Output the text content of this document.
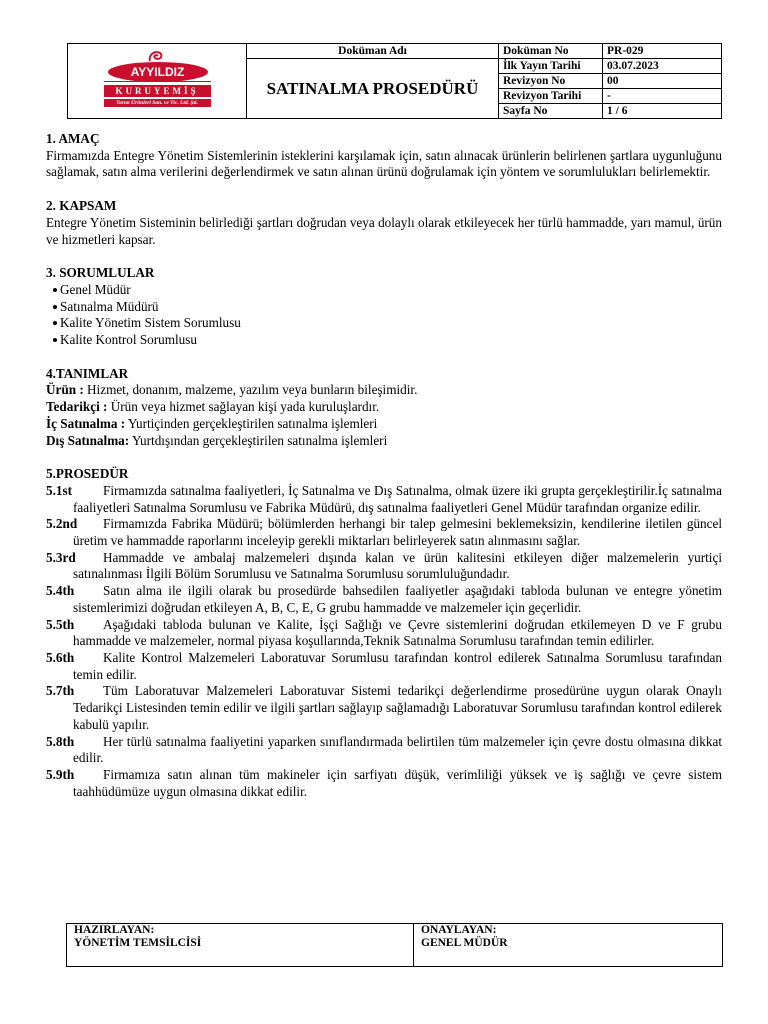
AYYILDIZ
KURUYEMİŞ
Tarım Ürünleri San. ve Tic. Ltd. Şti.	Doküman Adı	Doküman No	PR-029
	SATINALMA PROSEDÜRÜ	İlk Yayın Tarihi	03.07.2023
		Revizyon No	00
		Revizyon Tarihi	-
		Sayfa No	1 / 6

1. AMAÇ

Firmamızda Entegre Yönetim Sistemlerinin isteklerini karşılamak için, satın alınacak ürünlerin belirlenen şartlara uygunluğunu sağlamak, satın alma verilerini değerlendirmek ve satın alınan ürünü doğrulamak için yöntem ve sorumlulukları belirlemektir.

2. KAPSAM

Entegre Yönetim Sisteminin belirlediği şartları doğrudan veya dolaylı olarak etkileyecek her türlü hammadde, yarı mamul, ürün ve hizmetleri kapsar.

3. SORUMLULAR

Genel Müdür
Satınalma Müdürü
Kalite Yönetim Sistem Sorumlusu
Kalite Kontrol Sorumlusu

4.TANIMLAR

Ürün : Hizmet, donanım, malzeme, yazılım veya bunların bileşimidir.

Tedarikçi : Ürün veya hizmet sağlayan kişi yada kuruluşlardır.

İç Satınalma : Yurtiçinden gerçekleştirilen satınalma işlemleri

Dış Satınalma: Yurtdışından gerçekleştirilen satınalma işlemleri

5.PROSEDÜR

5.1st Firmamızda satınalma faaliyetleri, İç Satınalma ve Dış Satınalma, olmak üzere iki grupta gerçekleştirilir.İç satınalma faaliyetleri Satınalma Sorumlusu ve Fabrika Müdürü, dış satınalma faaliyetleri Genel Müdür tarafından organize edilir.
5.2nd Firmamızda Fabrika Müdürü; bölümlerden herhangi bir talep gelmesini beklemeksizin, kendilerine iletilen güncel üretim ve hammadde raporlarını inceleyip gerekli miktarları belirleyerek satın alınmasını sağlar.
5.3rd Hammadde ve ambalaj malzemeleri dışında kalan ve ürün kalitesini etkileyen diğer malzemelerin yurtiçi satınalınması İlgili Bölüm Sorumlusu ve Satınalma Sorumlusu sorumluluğundadır.
5.4th Satın alma ile ilgili olarak bu prosedürde bahsedilen faaliyetler aşağıdaki tabloda bulunan ve entegre yönetim sistemlerimizi doğrudan etkileyen A, B, C, E, G grubu hammadde ve malzemeler için geçerlidir.
5.5th Aşağıdaki tabloda bulunan ve Kalite, İşçi Sağlığı ve Çevre sistemlerini doğrudan etkilemeyen D ve F grubu hammadde ve malzemeler, normal piyasa koşullarında,Teknik Satınalma Sorumlusu tarafından temin edilirler.
5.6th Kalite Kontrol Malzemeleri Laboratuvar Sorumlusu tarafından kontrol edilerek Satınalma Sorumlusu tarafından temin edilir.
5.7th Tüm Laboratuvar Malzemeleri Laboratuvar Sistemi tedarikçi değerlendirme prosedürüne uygun olarak Onaylı Tedarikçi Listesinden temin edilir ve ilgili şartları sağlayıp sağlamadığı Laboratuvar Sorumlusu tarafından kontrol edilerek kabulü yapılır.
5.8th Her türlü satınalma faaliyetini yaparken sınıflandırmada belirtilen tüm malzemeler için çevre dostu olmasına dikkat edilir.
5.9th Firmamıza satın alınan tüm makineler için sarfiyatı düşük, verimliliği yüksek ve iş sağlığı ve çevre sistem taahhüdümüze uygun olmasına dikkat edilir.
HAZIRLAYAN:
YÖNETİM TEMSİLCİSİ

ONAYLAYAN:
GENEL MÜDÜR
